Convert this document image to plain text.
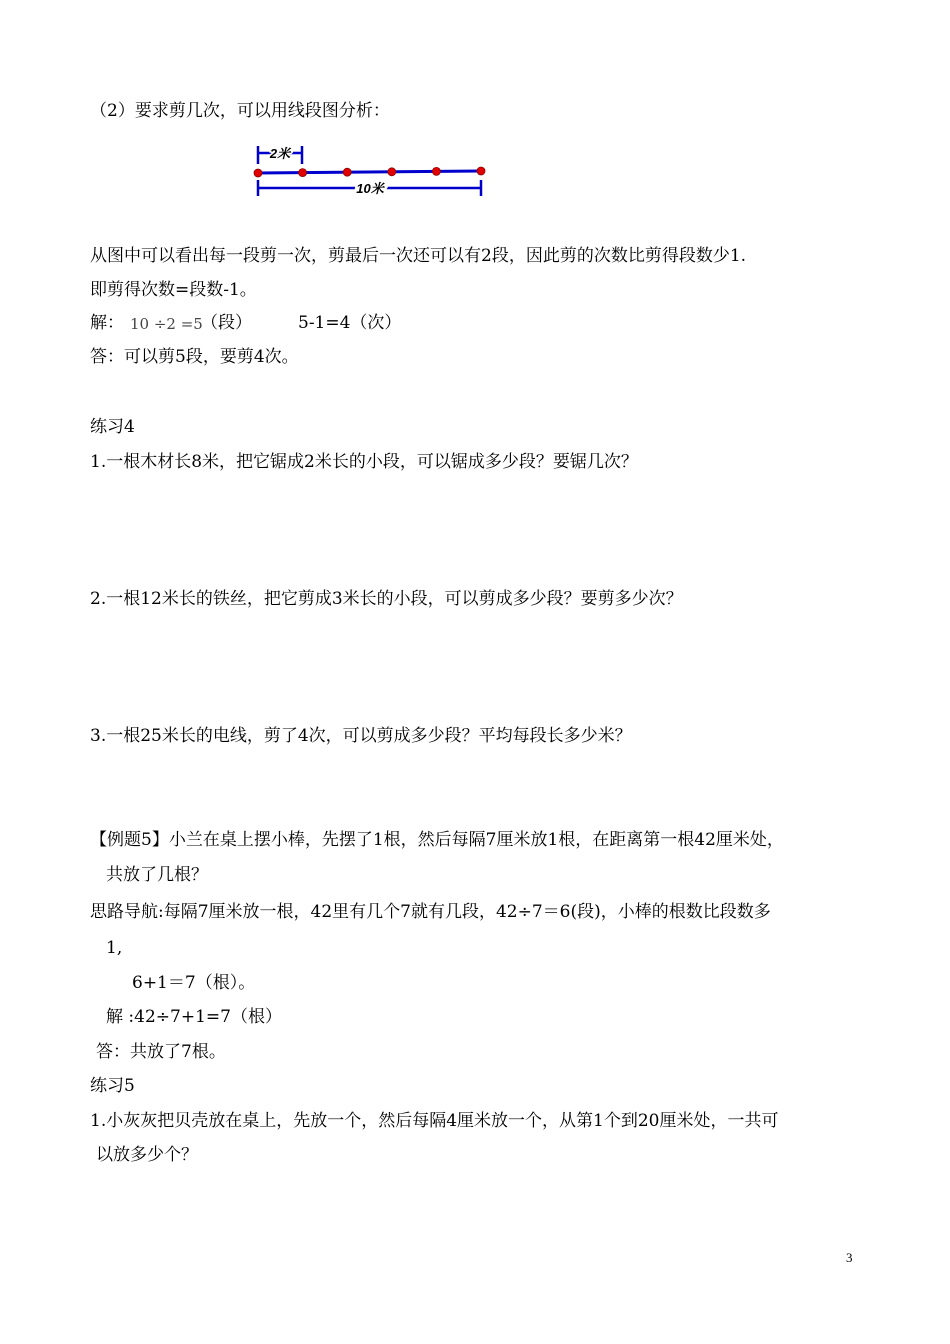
（2）要求剪几次，可以用线段图分析：
2米
10米
从图中可以看出每一段剪一次，剪最后一次还可以有2段，因此剪的次数比剪得段数少1.
即剪得次数=段数-1。
解： 10 ÷2 =5
（段）	5-1=4（次）
答：可以剪5段，要剪4次。
练习4
1.一根木材长8米，把它锯成2米长的小段，可以锯成多少段？要锯几次？
2.一根12米长的铁丝，把它剪成3米长的小段，可以剪成多少段？要剪多少次？
3.一根25米长的电线，剪了4次，可以剪成多少段？平均每段长多少米？
【例题5】小兰在桌上摆小棒，先摆了1根，然后每隔7厘米放1根，在距离第一根42厘米处，
共放了几根？
思路导航:每隔7厘米放一根，42里有几个7就有几段，42÷7＝6(段)，小棒的根数比段数多
1,
6+1＝7（根）。
解 :42÷7+1=7（根）
答：共放了7根。
练习5
1.小灰灰把贝壳放在桌上，先放一个，然后每隔4厘米放一个，从第1个到20厘米处，一共可
以放多少个？
3
